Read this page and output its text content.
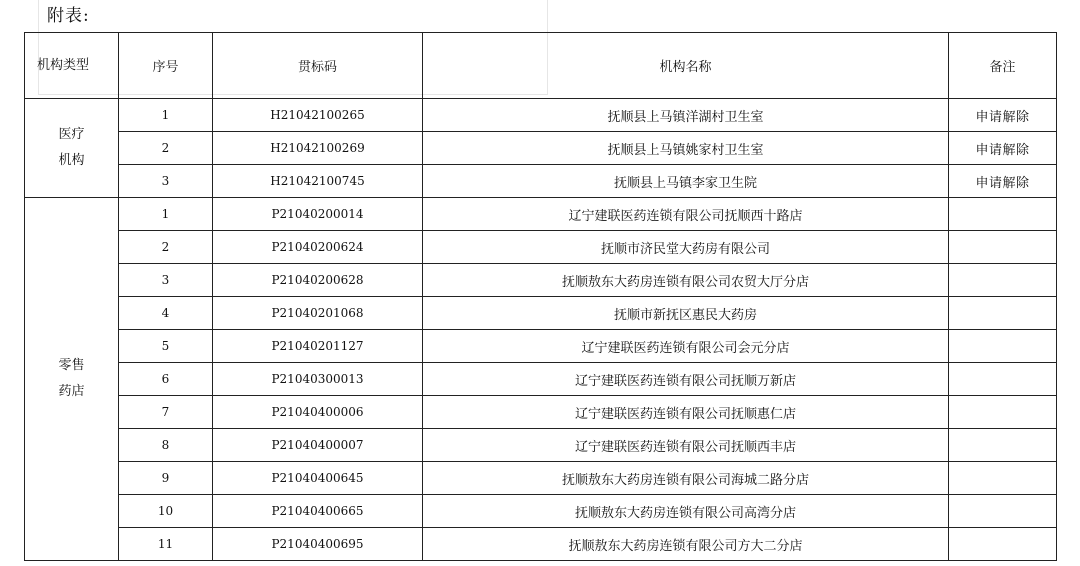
附表:
机构类型	序号	贯标码	机构名称	备注
医疗机构	1	H21042100265	抚顺县上马镇洋湖村卫生室	申请解除
	2	H21042100269	抚顺县上马镇姚家村卫生室	申请解除
	3	H21042100745	抚顺县上马镇李家卫生院	申请解除
零售药店	1	P21040200014	辽宁建联医药连锁有限公司抚顺西十路店	
	2	P21040200624	抚顺市济民堂大药房有限公司	
	3	P21040200628	抚顺敖东大药房连锁有限公司农贸大厅分店	
	4	P21040201068	抚顺市新抚区惠民大药房	
	5	P21040201127	辽宁建联医药连锁有限公司会元分店	
	6	P21040300013	辽宁建联医药连锁有限公司抚顺万新店	
	7	P21040400006	辽宁建联医药连锁有限公司抚顺惠仁店	
	8	P21040400007	辽宁建联医药连锁有限公司抚顺西丰店	
	9	P21040400645	抚顺敖东大药房连锁有限公司海城二路分店	
	10	P21040400665	抚顺敖东大药房连锁有限公司高湾分店	
	11	P21040400695	抚顺敖东大药房连锁有限公司方大二分店	
